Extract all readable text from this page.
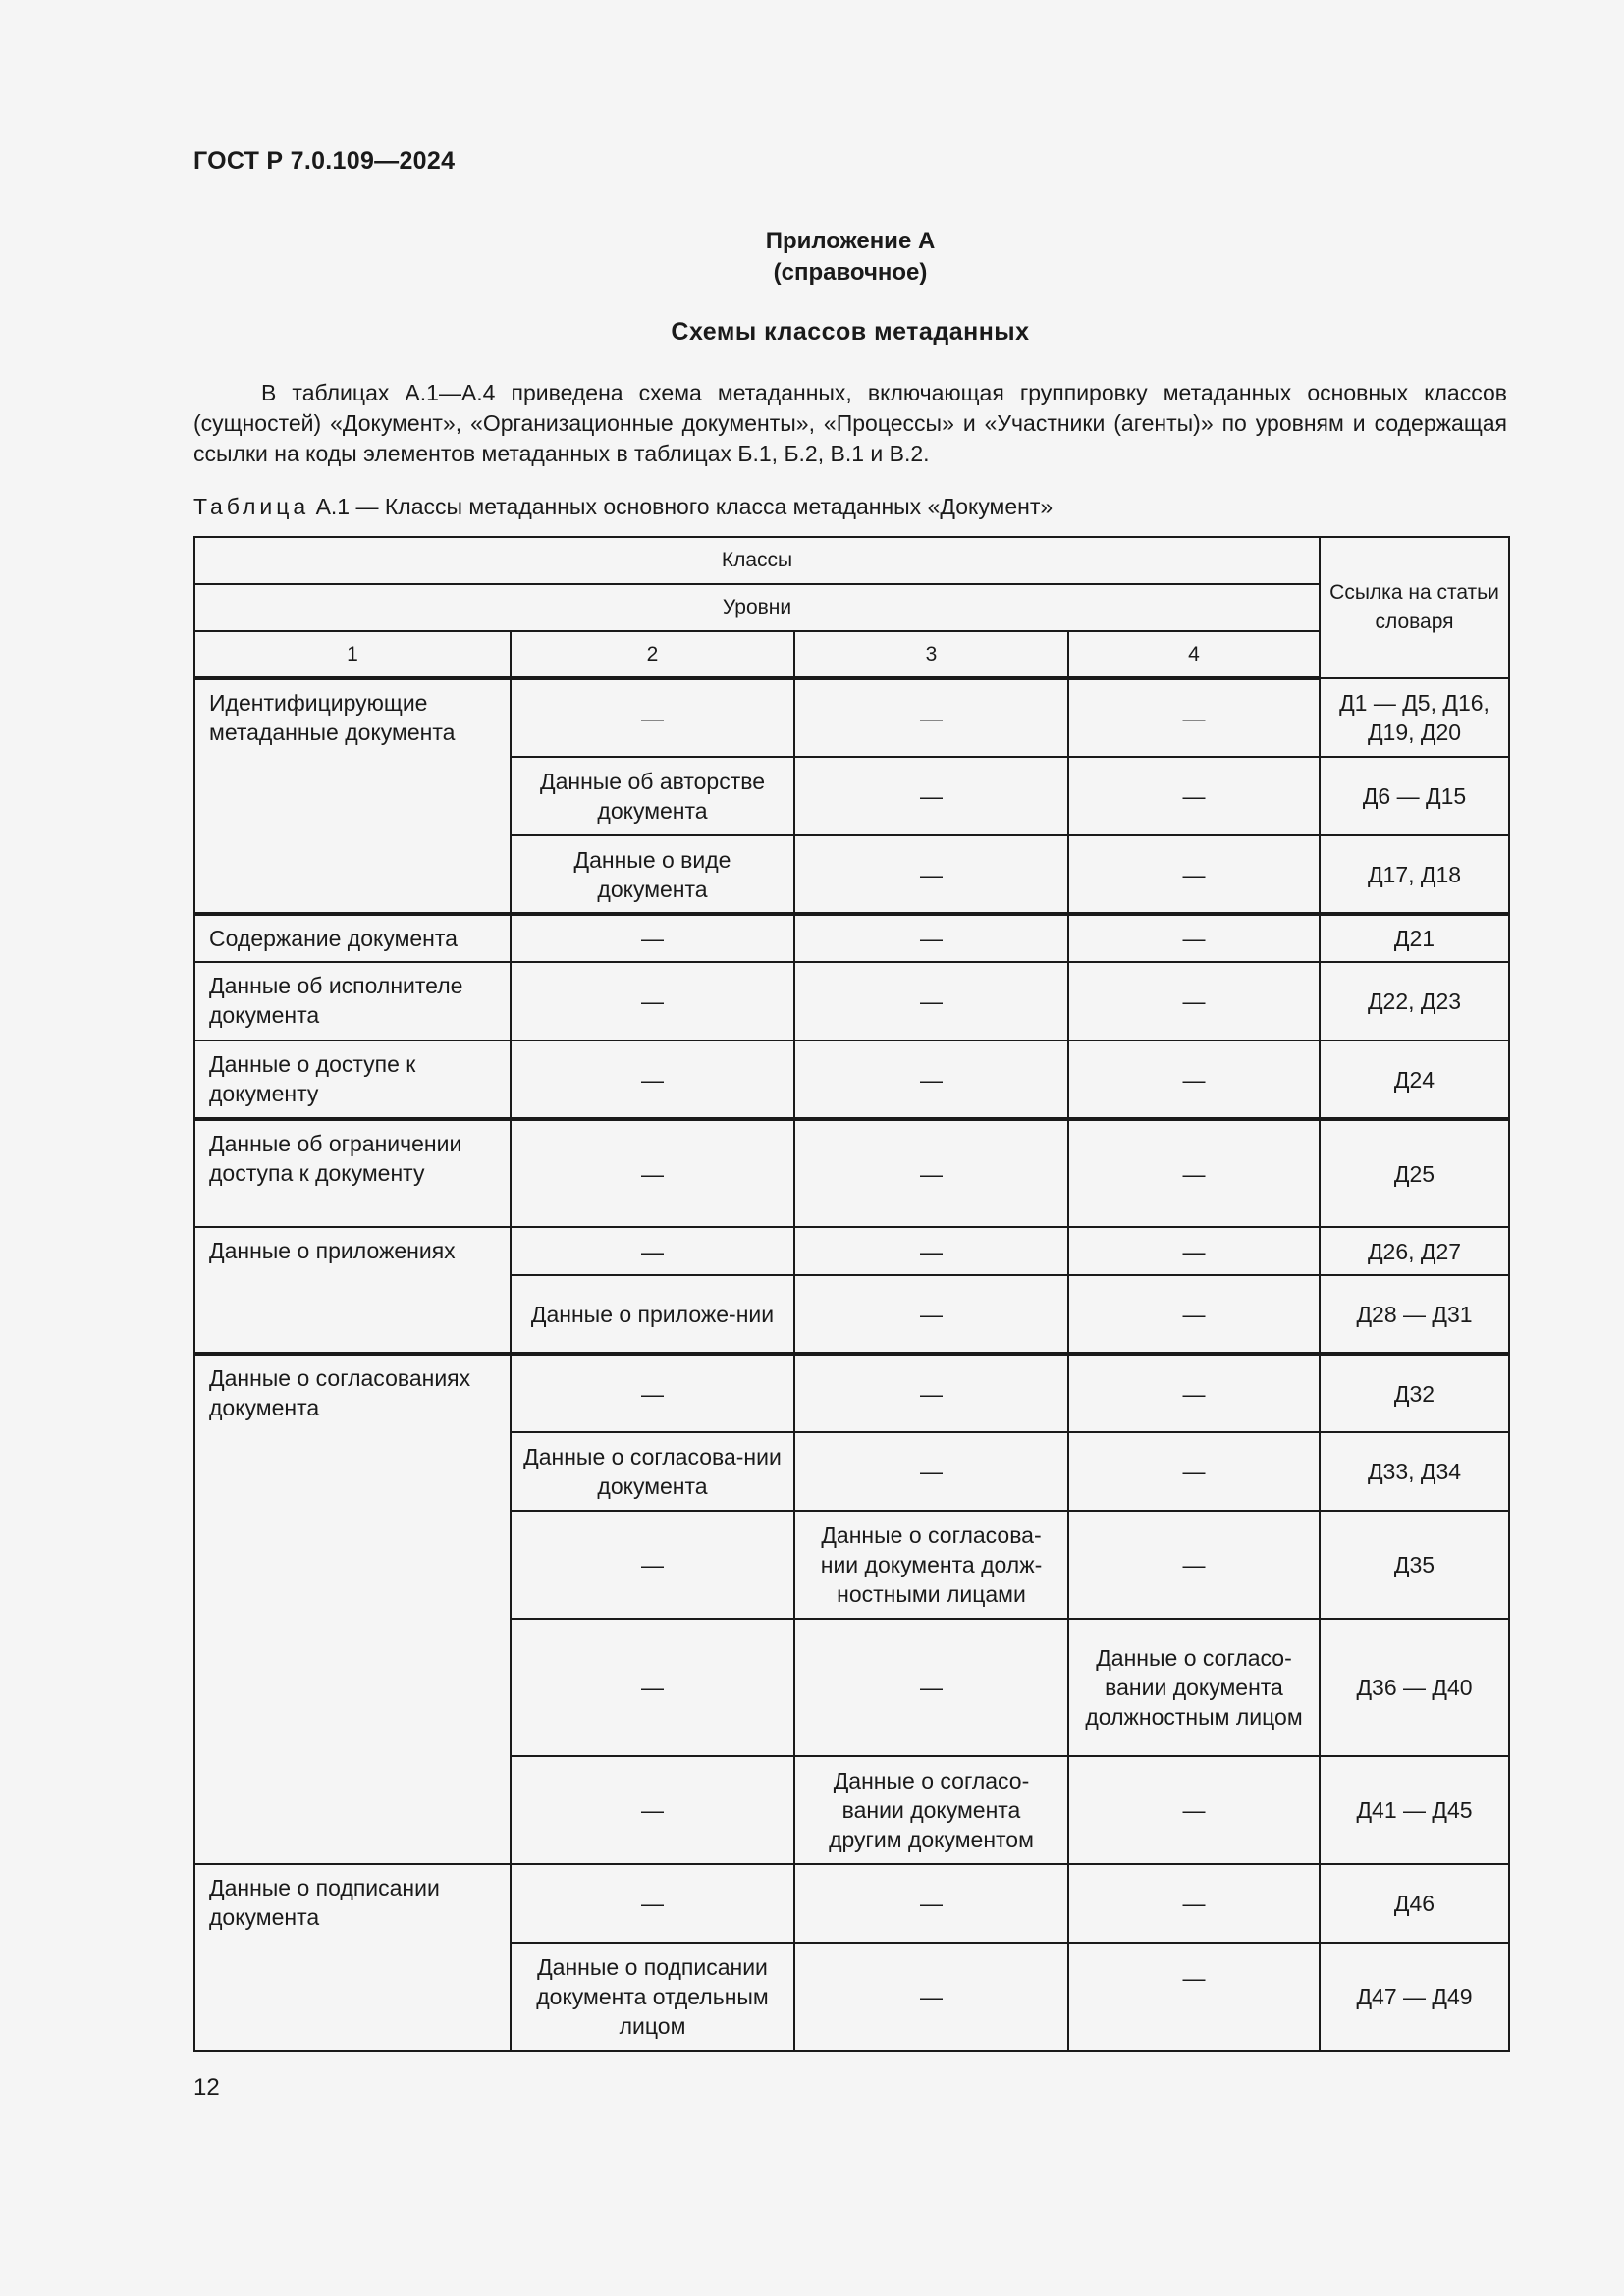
ГОСТ Р 7.0.109—2024
Приложение А
(справочное)
Схемы классов метаданных

В таблицах А.1—А.4 приведена схема метаданных, включающая группировку метаданных основных классов (сущностей) «Документ», «Организационные документы», «Процессы» и «Участники (агенты)» по уровням и содержащая ссылки на коды элементов метаданных в таблицах Б.1, Б.2, В.1 и В.2.

Таблица А.1 — Классы метаданных основного класса метаданных «Документ»
Классы				Ссылка на статьи словаря
Уровни				
1	2	3	4	
Идентифицирующие метаданные документа	—	—	—	Д1 — Д5, Д16, Д19, Д20
	Данные об авторстве документа	—	—	Д6 — Д15
	Данные о виде документа	—	—	Д17, Д18
Содержание документа	—	—	—	Д21
Данные об исполнителе документа	—	—	—	Д22, Д23
Данные о доступе к документу	—	—	—	Д24
Данные об ограничении доступа к документу	—	—	—	Д25
Данные о приложениях	—	—	—	Д26, Д27
	Данные о приложе-нии	—	—	Д28 — Д31
Данные о согласованиях документа	—	—	—	Д32
	Данные о согласова-нии документа	—	—	Д33, Д34
	—	Данные о согласова-нии документа долж-ностными лицами	—	Д35
	—	—	Данные о согласо-вании документа должностным лицом	Д36 — Д40
	—	Данные о согласо-вании документа другим документом	—	Д41 — Д45
Данные о подписании документа	—	—	—	Д46
	Данные о подписании документа отдельным лицом	—	—	Д47 — Д49
12
